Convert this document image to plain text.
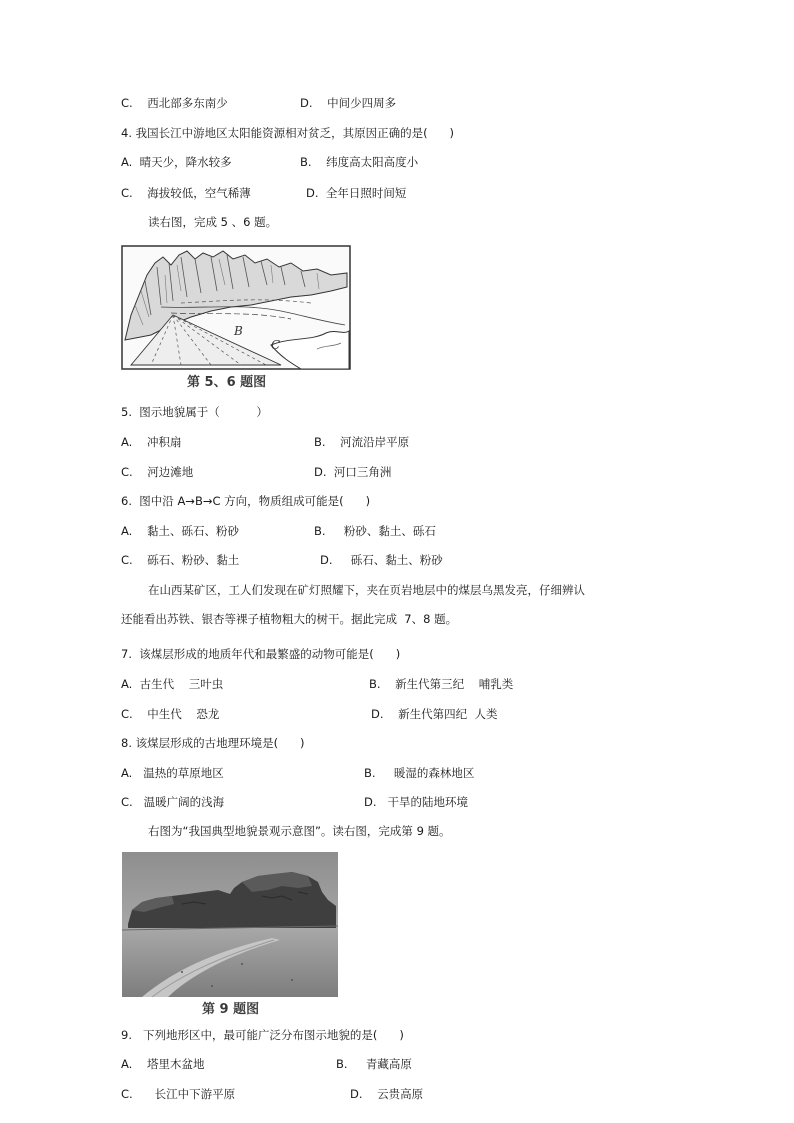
C.    西北部多东南少	D.    中间少四周多
4. 我国长江中游地区太阳能资源相对贫乏，其原因正确的是(      )
A.  晴天少，降水较多	B.    纬度高太阳高度小
C.    海拔较低，空气稀薄	D.  全年日照时间短
读右图，完成 5 、6 题。
B
C
第 5、6 题图
5.  图示地貌属于（          ）
A.    冲积扇	B.    河流沿岸平原
C.    河边滩地	D.  河口三角洲
6.  图中沿 A→B→C 方向，物质组成可能是(      )
A.    黏土、砾石、粉砂	B.     粉砂、黏土、砾石
C.    砾石、粉砂、黏土	D.     砾石、黏土、粉砂
在山西某矿区，工人们发现在矿灯照耀下，夹在页岩地层中的煤层乌黑发亮，仔细辨认
还能看出苏铁、银杏等裸子植物粗大的树干。据此完成  7、8 题。
7.  该煤层形成的地质年代和最繁盛的动物可能是(      )
A.  古生代    三叶虫	B.    新生代第三纪    哺乳类
C.    中生代    恐龙	D.    新生代第四纪  人类
8. 该煤层形成的古地理环境是(      )
A.   温热的草原地区	B.     暖湿的森林地区
C.   温暖广阔的浅海	D.   干旱的陆地环境
右图为“我国典型地貌景观示意图”。读右图，完成第 9 题。
第 9 题图
9.   下列地形区中，最可能广泛分布图示地貌的是(      )
A.    塔里木盆地	B.     青藏高原
C.      长江中下游平原	D.    云贵高原
